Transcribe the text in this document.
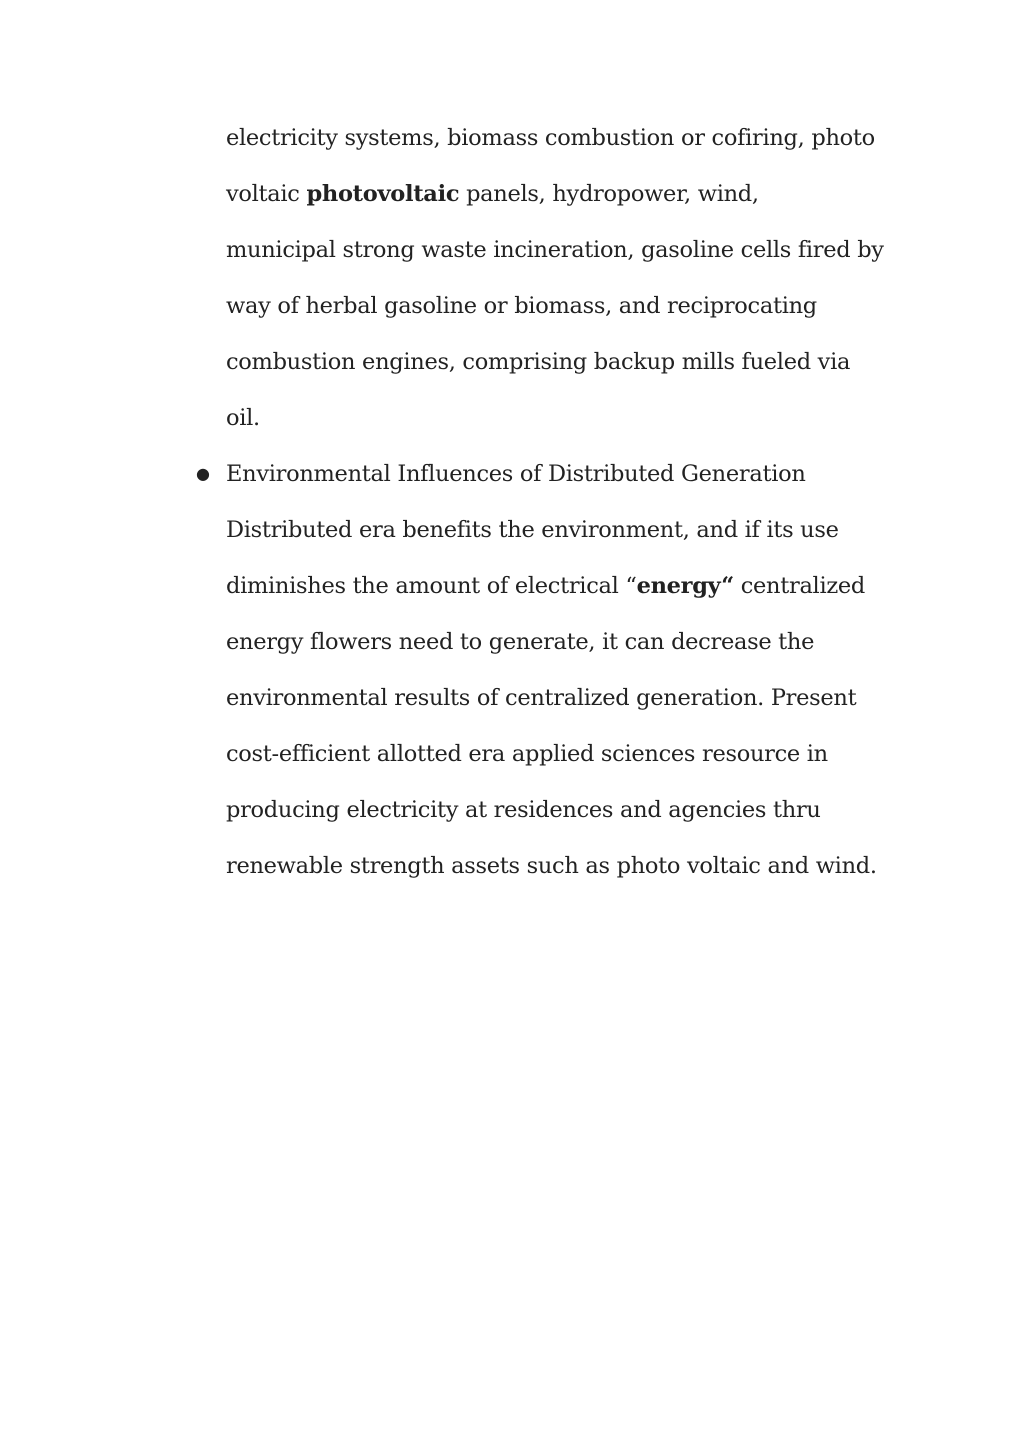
electricity systems, biomass combustion or cofiring, photo
voltaic photovoltaic panels, hydropower, wind,
municipal strong waste incineration, gasoline cells fired by
way of herbal gasoline or biomass, and reciprocating
combustion engines, comprising backup mills fueled via
oil.
● Environmental Influences of Distributed Generation
Distributed era benefits the environment, and if its use
diminishes the amount of electrical “energy“ centralized
energy flowers need to generate, it can decrease the
environmental results of centralized generation. Present
cost-efficient allotted era applied sciences resource in
producing electricity at residences and agencies thru
renewable strength assets such as photo voltaic and wind.
